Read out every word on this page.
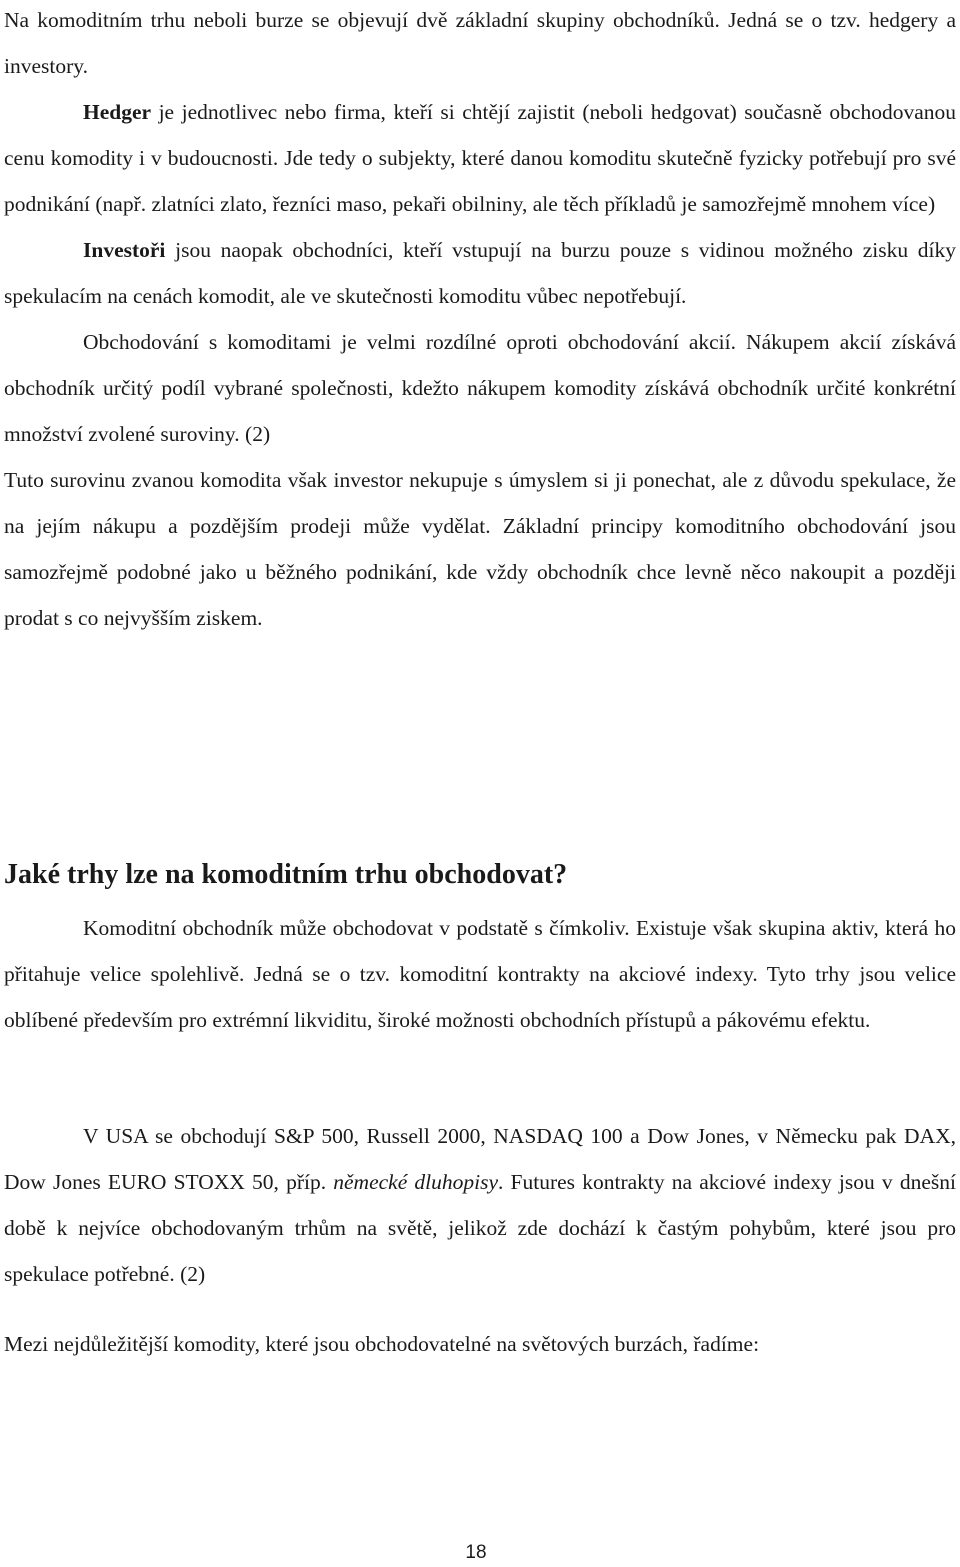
Na komoditním trhu neboli burze se objevují dvě základní skupiny obchodníků. Jedná se o tzv. hedgery a investory.

Hedger je jednotlivec nebo firma, kteří si chtějí zajistit (neboli hedgovat) současně obchodovanou cenu komodity i v budoucnosti. Jde tedy o subjekty, které danou komoditu skutečně fyzicky potřebují pro své podnikání (např. zlatníci zlato, řezníci maso, pekaři obilniny, ale těch příkladů je samozřejmě mnohem více)

Investoři jsou naopak obchodníci, kteří vstupují na burzu pouze s vidinou možného zisku díky spekulacím na cenách komodit, ale ve skutečnosti komoditu vůbec nepotřebují.

Obchodování s komoditami je velmi rozdílné oproti obchodování akcií. Nákupem akcií získává obchodník určitý podíl vybrané společnosti, kdežto nákupem komodity získává obchodník určité konkrétní množství zvolené suroviny. (2)

Tuto surovinu zvanou komodita však investor nekupuje s úmyslem si ji ponechat, ale z důvodu spekulace, že na jejím nákupu a pozdějším prodeji může vydělat. Základní principy komoditního obchodování jsou samozřejmě podobné jako u běžného podnikání, kde vždy obchodník chce levně něco nakoupit a později prodat s co nejvyšším ziskem.

Jaké trhy lze na komoditním trhu obchodovat?

Komoditní obchodník může obchodovat v podstatě s čímkoliv. Existuje však skupina aktiv, která ho přitahuje velice spolehlivě. Jedná se o tzv. komoditní kontrakty na akciové indexy. Tyto trhy jsou velice oblíbené především pro extrémní likviditu, široké možnosti obchodních přístupů a pákovému efektu.

V USA se obchodují S&P 500, Russell 2000, NASDAQ 100 a Dow Jones, v Německu pak DAX, Dow Jones EURO STOXX 50, příp. německé dluhopisy. Futures kontrakty na akciové indexy jsou v dnešní době k nejvíce obchodovaným trhům na světě, jelikož zde dochází k častým pohybům, které jsou pro spekulace potřebné. (2)

Mezi nejdůležitější komodity, které jsou obchodovatelné na světových burzách, řadíme:

18
